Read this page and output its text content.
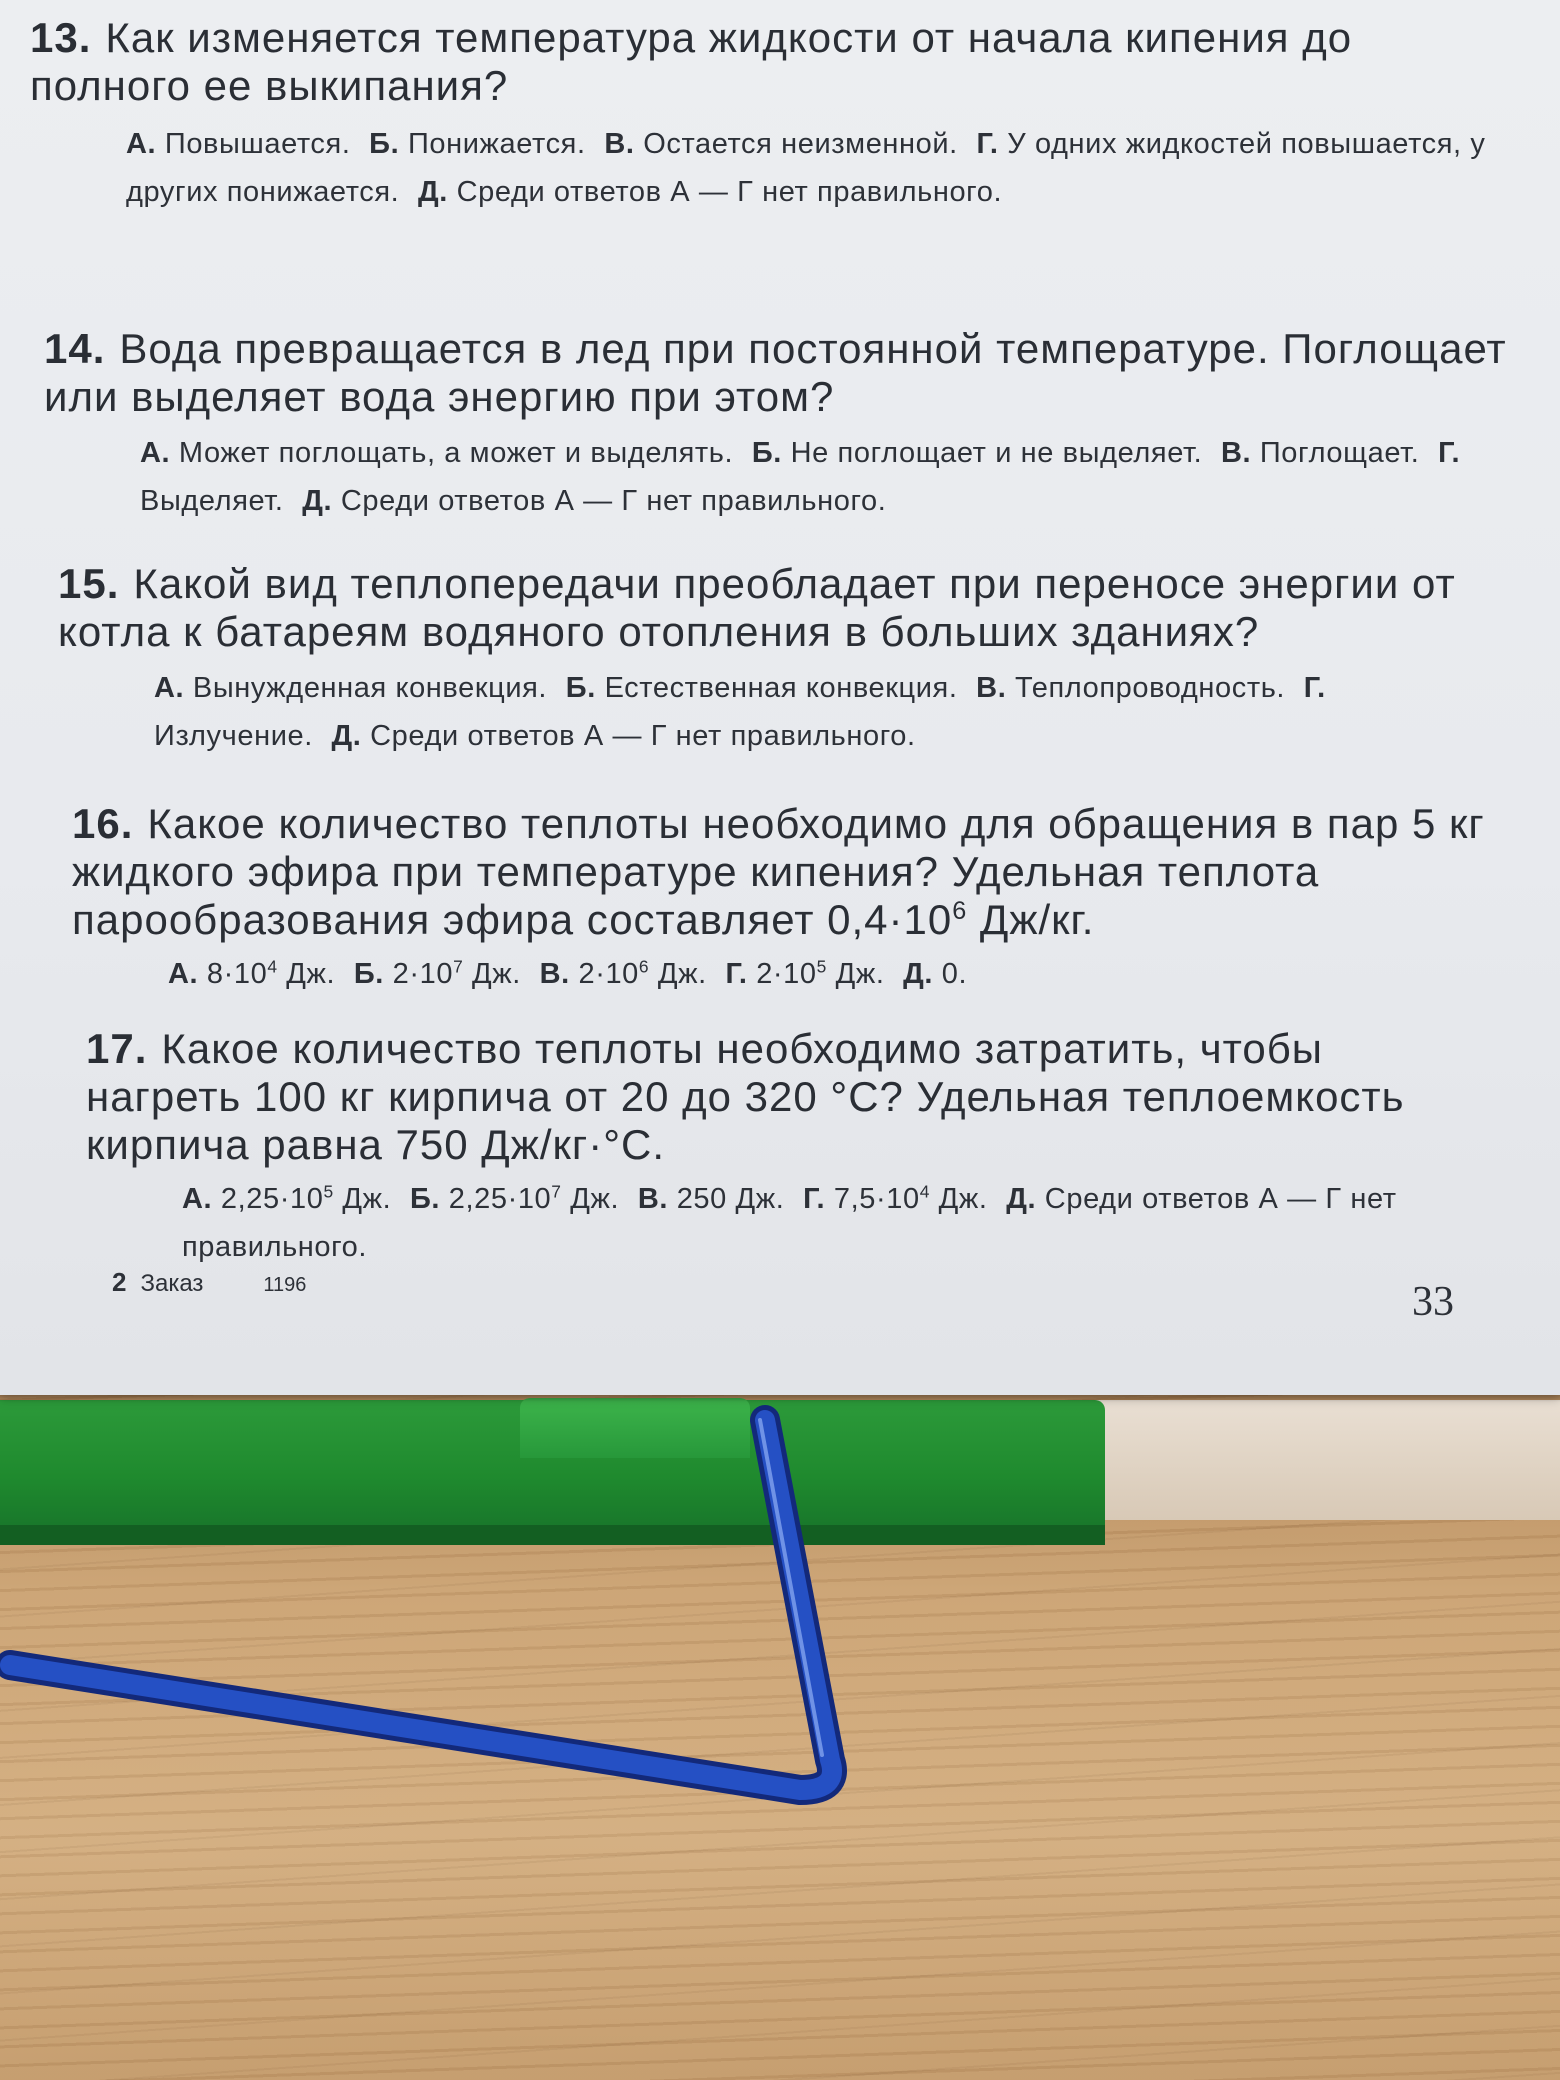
13. Как изменяется температура жидкости от начала кипения до полного ее выкипания?
А. Повышается. Б. Понижается. В. Остается неизменной. Г. У одних жидкостей повышается, у других понижается. Д. Среди ответов А — Г нет правильного.
14. Вода превращается в лед при постоянной температуре. Поглощает или выделяет вода энергию при этом?
А. Может поглощать, а может и выделять. Б. Не поглощает и не выделяет. В. Поглощает. Г. Выделяет. Д. Среди ответов А — Г нет правильного.
15. Какой вид теплопередачи преобладает при переносе энергии от котла к батареям водяного отопления в больших зданиях?
А. Вынужденная конвекция. Б. Естественная конвекция. В. Теплопроводность. Г. Излучение. Д. Среди ответов А — Г нет правильного.
16. Какое количество теплоты необходимо для обращения в пар 5 кг жидкого эфира при температуре кипения? Удельная теплота парообразования эфира составляет $0,4\cdot 10^6$ Дж/кг.
А. $8\cdot 10^4$ Дж. Б. $2\cdot 10^7$ Дж. В. $2\cdot 10^6$ Дж. Г. $2\cdot 10^5$ Дж. Д. 0.
17. Какое количество теплоты необходимо затратить, чтобы нагреть 100 кг кирпича от 20 до 320 °C? Удельная теплоемкость кирпича равна 750 Дж/кг·°C.
А. $2,25\cdot 10^5$ Дж. Б. $2,25\cdot 10^7$ Дж. В. 250 Дж. Г. $7,5\cdot 10^4$ Дж. Д. Среди ответов А — Г нет правильного.
2 Заказ	1196	33
